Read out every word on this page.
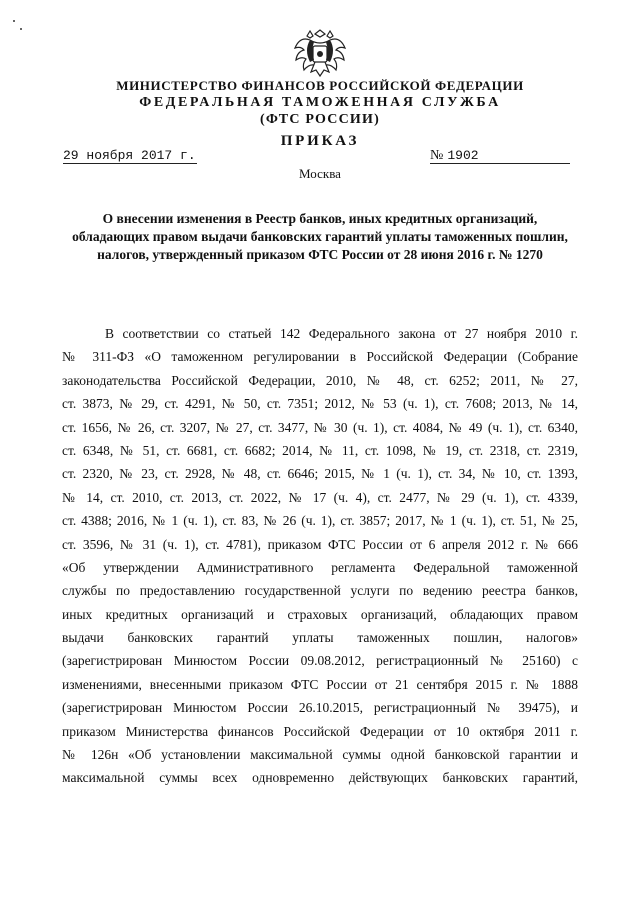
МИНИСТЕРСТВО ФИНАНСОВ РОССИЙСКОЙ ФЕДЕРАЦИИ
ФЕДЕРАЛЬНАЯ ТАМОЖЕННАЯ СЛУЖБА
(ФТС РОССИИ)
ПРИКАЗ
29 ноября 2017 г.	№ 1902
Москва
О внесении изменения в Реестр банков, иных кредитных организаций,
обладающих правом выдачи банковских гарантий уплаты таможенных пошлин,
налогов, утвержденный приказом ФТС России от 28 июня 2016 г. № 1270
В соответствии со статьей 142 Федерального закона от 27 ноября 2010 г.
№ 311-ФЗ «О таможенном регулировании в Российской Федерации (Собрание
законодательства Российской Федерации, 2010, № 48, ст. 6252; 2011, № 27,
ст. 3873, № 29, ст. 4291, № 50, ст. 7351; 2012, № 53 (ч. 1), ст. 7608; 2013, № 14,
ст. 1656, № 26, ст. 3207, № 27, ст. 3477, № 30 (ч. 1), ст. 4084, № 49 (ч. 1), ст. 6340,
ст. 6348, № 51, ст. 6681, ст. 6682; 2014, № 11, ст. 1098, № 19, ст. 2318, ст. 2319,
ст. 2320, № 23, ст. 2928, № 48, ст. 6646; 2015, № 1 (ч. 1), ст. 34, № 10, ст. 1393,
№ 14, ст. 2010, ст. 2013, ст. 2022, № 17 (ч. 4), ст. 2477, № 29 (ч. 1), ст. 4339,
ст. 4388; 2016, № 1 (ч. 1), ст. 83, № 26 (ч. 1), ст. 3857; 2017, № 1 (ч. 1), ст. 51, № 25,
ст. 3596, № 31 (ч. 1), ст. 4781), приказом ФТС России от 6 апреля 2012 г. № 666
«Об утверждении Административного регламента Федеральной таможенной
службы по предоставлению государственной услуги по ведению реестра банков,
иных кредитных организаций и страховых организаций, обладающих правом
выдачи банковских гарантий уплаты таможенных пошлин, налогов»
(зарегистрирован Минюстом России 09.08.2012, регистрационный № 25160) с
изменениями, внесенными приказом ФТС России от 21 сентября 2015 г. № 1888
(зарегистрирован Минюстом России 26.10.2015, регистрационный № 39475), и
приказом Министерства финансов Российской Федерации от 10 октября 2011 г.
№ 126н «Об установлении максимальной суммы одной банковской гарантии и
максимальной суммы всех одновременно действующих банковских гарантий,
